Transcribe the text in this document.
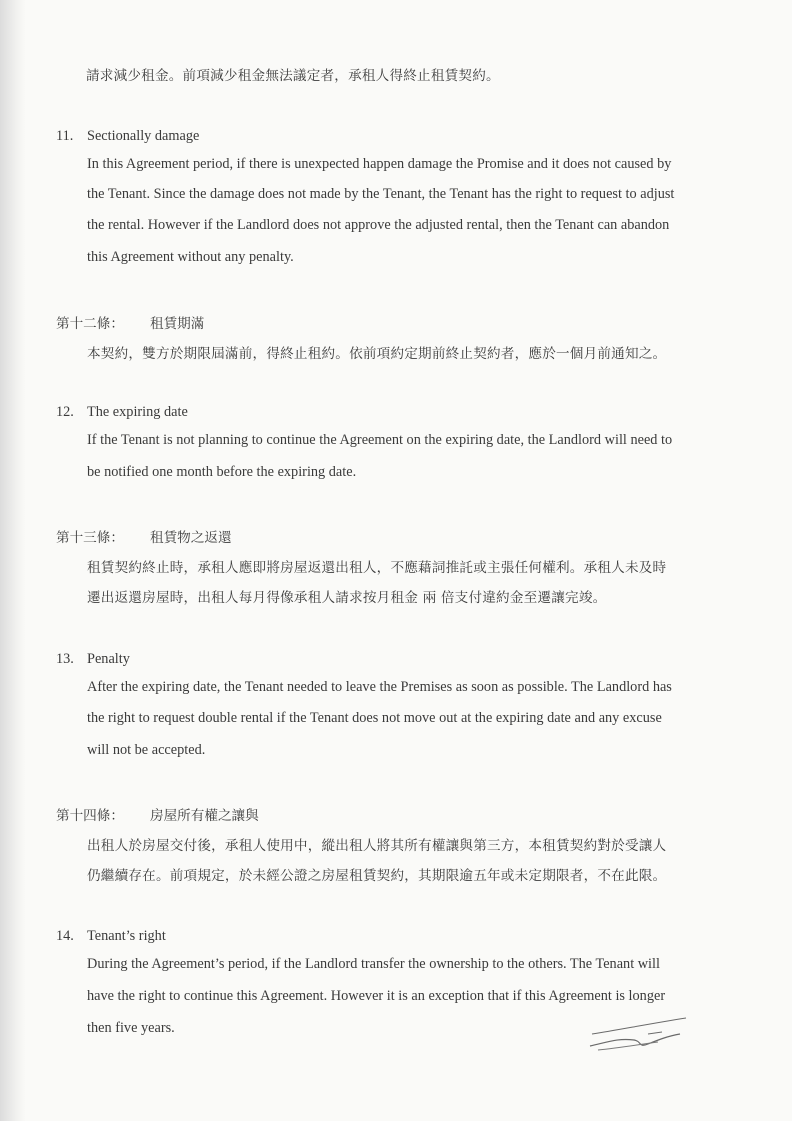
請求減少租金。前項減少租金無法議定者，承租人得終止租賃契約。
11. Sectionally damage
In this Agreement period, if there is unexpected happen damage the Promise and it does not caused by
the Tenant. Since the damage does not made by the Tenant, the Tenant has the right to request to adjust
the rental. However if the Landlord does not approve the adjusted rental, then the Tenant can abandon
this Agreement without any penalty.
第十二條： 租賃期滿
本契約，雙方於期限屆滿前，得終止租約。依前項約定期前終止契約者，應於一個月前通知之。
12. The expiring date
If the Tenant is not planning to continue the Agreement on the expiring date, the Landlord will need to
be notified one month before the expiring date.
第十三條： 租賃物之返還
租賃契約終止時，承租人應即將房屋返還出租人，不應藉詞推託或主張任何權利。承租人未及時
遷出返還房屋時，出租人每月得像承租人請求按月租金 兩 倍支付違約金至遷讓完竣。
13. Penalty
After the expiring date, the Tenant needed to leave the Premises as soon as possible. The Landlord has
the right to request double rental if the Tenant does not move out at the expiring date and any excuse
will not be accepted.
第十四條： 房屋所有權之讓與
出租人於房屋交付後，承租人使用中，縱出租人將其所有權讓與第三方，本租賃契約對於受讓人
仍繼續存在。前項規定，於未經公證之房屋租賃契約，其期限逾五年或未定期限者，不在此限。
14. Tenant’s right
During the Agreement’s period, if the Landlord transfer the ownership to the others. The Tenant will
have the right to continue this Agreement. However it is an exception that if this Agreement is longer
then five years.
